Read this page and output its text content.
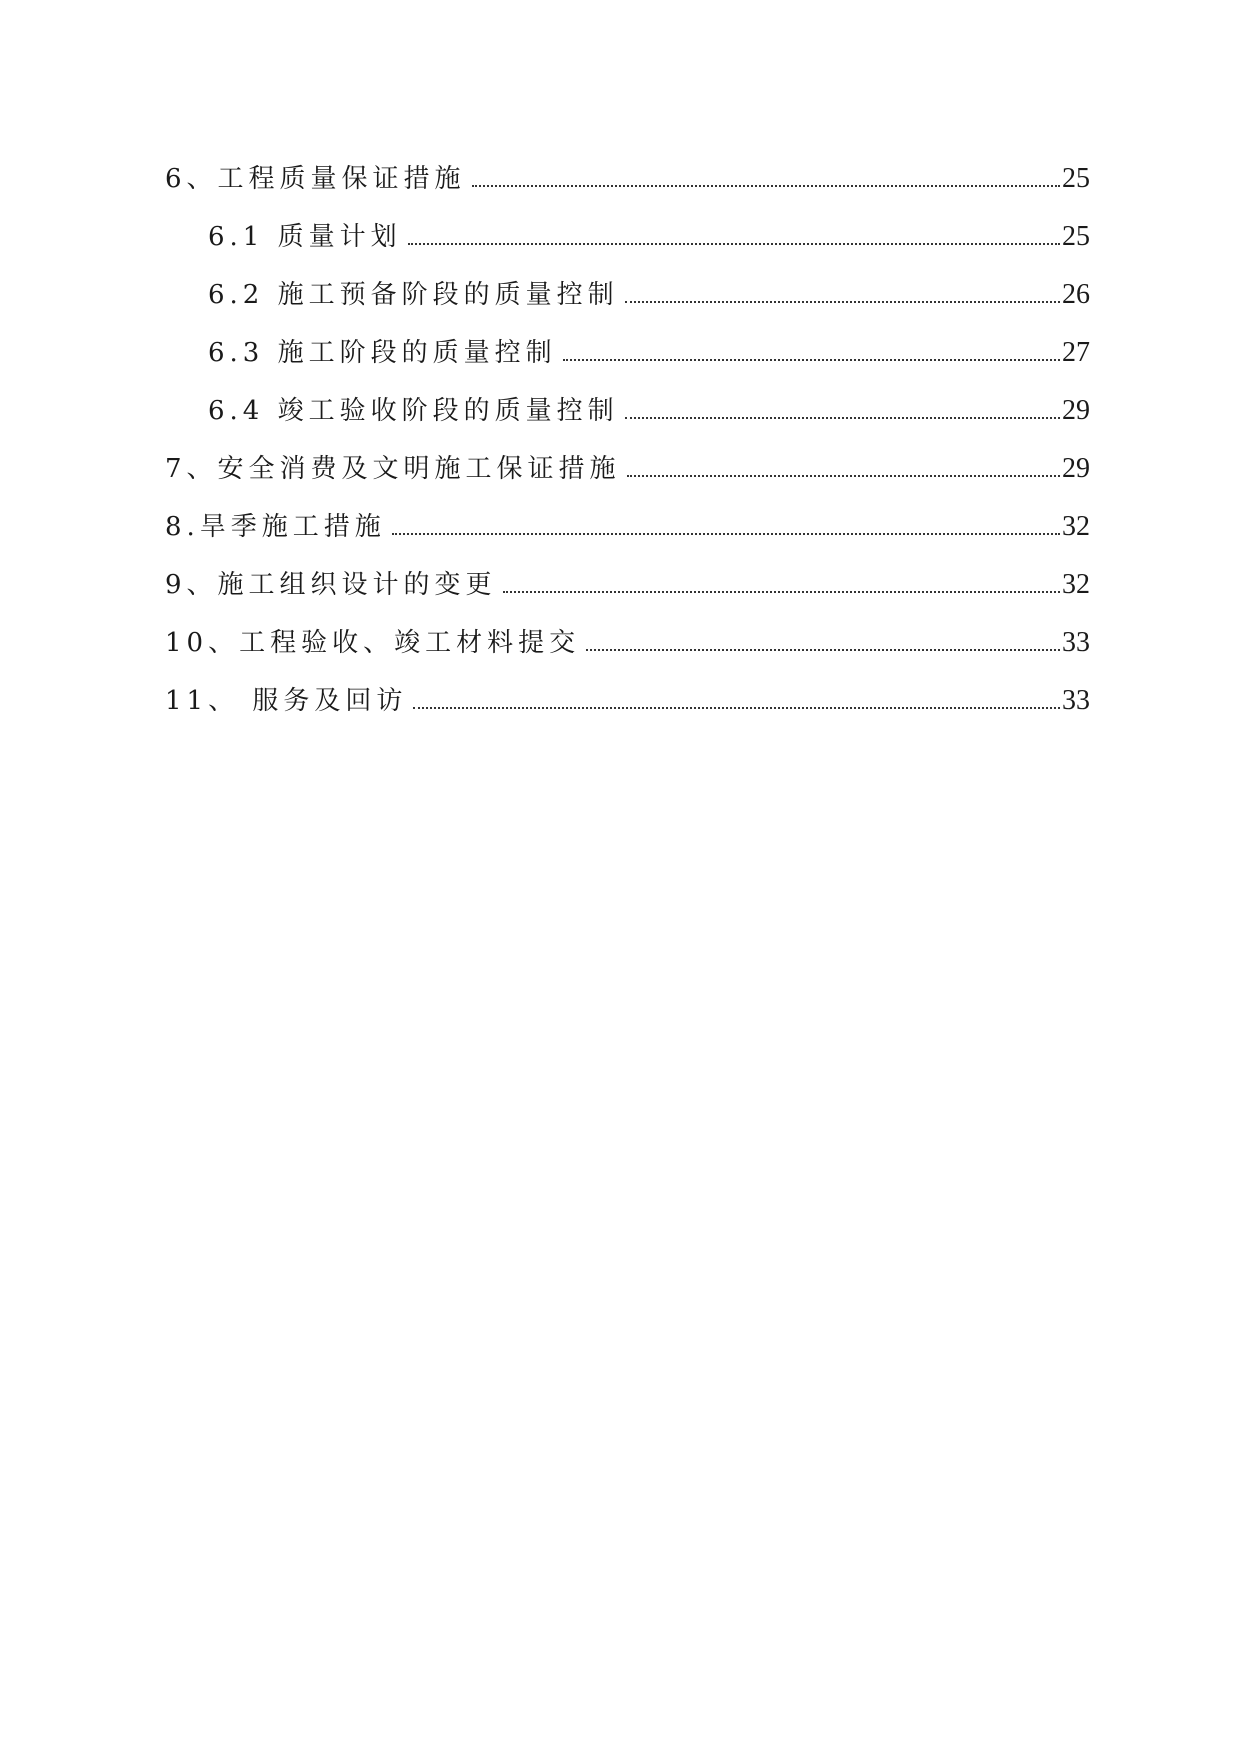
6、工程质量保证措施	25
6.1 质量计划	25
6.2 施工预备阶段的质量控制	26
6.3 施工阶段的质量控制	27
6.4 竣工验收阶段的质量控制	29
7、安全消费及文明施工保证措施	29
8.旱季施工措施	32
9、施工组织设计的变更	32
10、工程验收、竣工材料提交	33
11、 服务及回访	33
